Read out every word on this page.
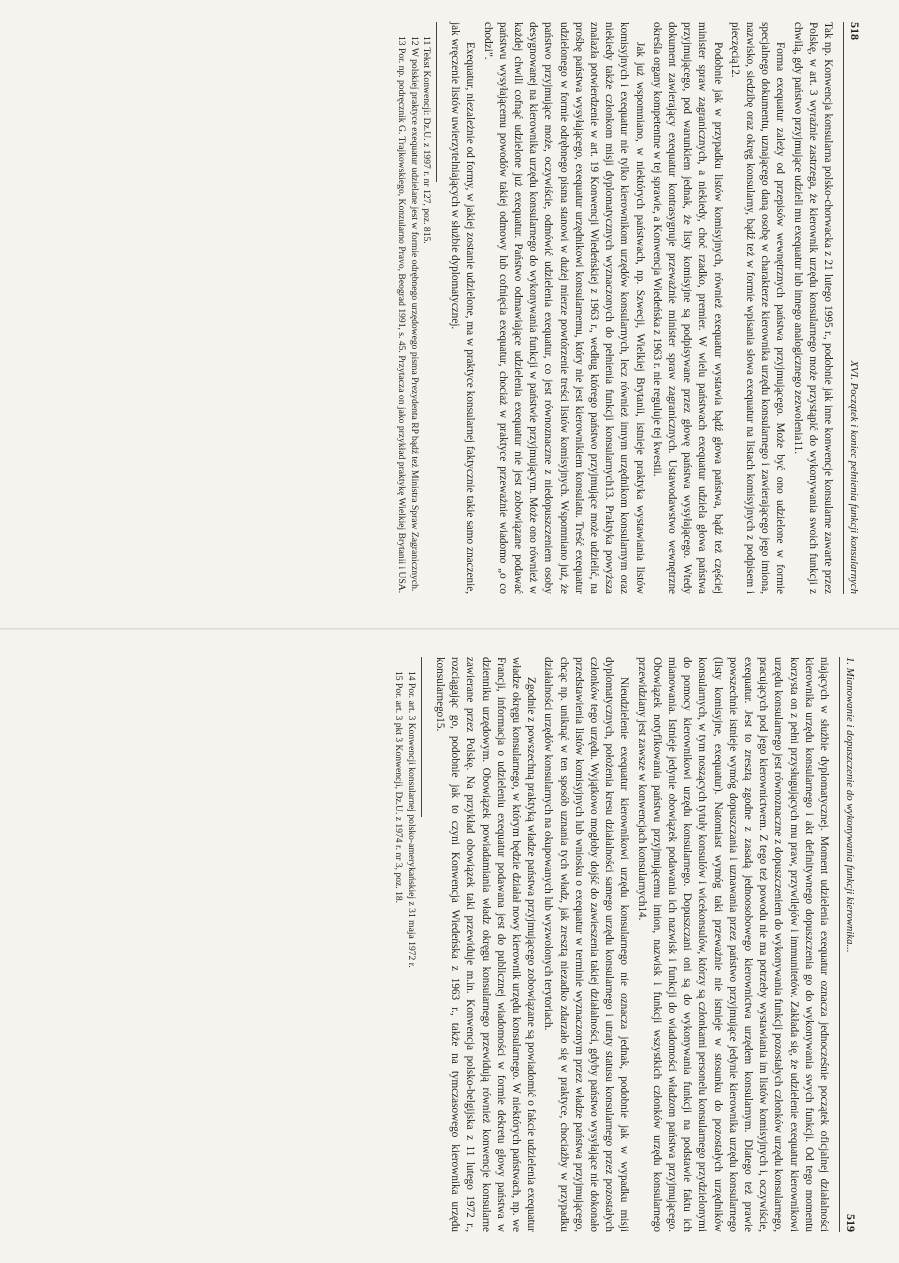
518
XVI. Początek i koniec pełnienia funkcji konsularnych

Tak np. Konwencja konsularna polsko-chorwacka z 21 lutego 1995 r., podobnie jak inne konwencje konsularne zawarte przez Polskę, w art. 3 wyraźnie zastrzega, że kierownik urzędu konsularnego może przystąpić do wykonywania swoich funkcji z chwilą, gdy państwo przyjmujące udzieli mu exequatur lub innego analogicznego zezwolenia11.

Forma exequatur zależy od przepisów wewnętrznych państwa przyjmującego. Może być ono udzielone w formie specjalnego dokumentu, uznającego daną osobę w charakterze kierownika urzędu konsularnego i zawierającego jego imiona, nazwisko, siedzibę oraz okręg konsularny, bądź też w formie wpisania słowa exequatur na listach komisyjnych z podpisem i pieczęcią12.

Podobnie jak w przypadku listów komisyjnych, również exequatur wystawia bądź głowa państwa, bądź też częściej minister spraw zagranicznych, a niekiedy, choć rzadko, premier. W wielu państwach exequatur udziela głowa państwa przyjmującego, pod warunkiem jednak, że listy komisyjne są podpisywane przez głowę państwa wysyłającego. Wtedy dokument zawierający exequatur kontrasygnuje przeważnie minister spraw zagranicznych. Ustawodawstwo wewnętrzne określa organy kompetentne w tej sprawie, a Konwencja Wiedeńska z 1963 r. nie reguluje tej kwestii.

Jak już wspomniano, w niektórych państwach, np. Szwecji, Wielkiej Brytanii, istnieje praktyka wystawiania listów komisyjnych i exequatur nie tylko kierownikom urzędów konsularnych, lecz również innym urzędnikom konsularnym oraz niekiedy także członkom misji dyplomatycznych wyznaczonych do pełnienia funkcji konsularnych13. Praktyka powyższa znalazła potwierdzenie w art. 19 Konwencji Wiedeńskiej z 1963 r., według którego państwo przyjmujące może udzielić, na prośbę państwa wysyłającego, exequatur urzędnikowi konsularnemu, który nie jest kierownikiem konsulatu. Treść exequatur udzielonego w formie odrębnego pisma stanowi w dużej mierze powtórzenie treści listów komisyjnych. Wspomniano już, że państwo przyjmujące może, oczywiście, odmówić udzielenia exequatur, co jest równoznaczne z niedopuszczeniem osoby desygnowanej na kierownika urzędu konsularnego do wykonywania funkcji w państwie przyjmującym. Może ono również w każdej chwili cofnąć udzielone już exequatur. Państwo odmawiające udzielenia exequatur nie jest zobowiązane podawać państwu wysyłającemu powodów takiej odmowy lub cofnięcia exequatur, chociaż w praktyce przeważnie wiadomo „o co chodzi”.

Exequatur, niezależnie od formy, w jakiej zostanie udzielone, ma w praktyce konsularnej faktycznie takie samo znaczenie, jak wręczenie listów uwierzytelniających w służbie dyplomatycznej.

11 Tekst Konwencji: Dz.U. z 1997 r. nr 127, poz. 815.

12 W polskiej praktyce exequatur udzielane jest w formie odrębnego urzędowego pisma Prezydenta RP bądź też Ministra Spraw Zagranicznych.

13 Por. np. podręcznik G. Trajkowskiego, Konzularno Pravo, Beograd 1991, s. 45. Przytacza on jako przykład praktykę Wielkiej Brytanii i USA.

1. Mianowanie i dopuszczenie do wykonywania funkcji kierownika...
519

niających w służbie dyplomatycznej. Moment udzielenia exequatur oznacza jednocześnie początek oficjalnej działalności kierownika urzędu konsularnego i akt definitywnego dopuszczenia go do wykonywania swych funkcji. Od tego momentu korzysta on z pełni przysługujących mu praw, przywilejów i immunitetów. Zakłada się, że udzielenie exequatur kierownikowi urzędu konsularnego jest równoznaczne z dopuszczeniem do wykonywania funkcji pozostałych członków urzędu konsularnego, pracujących pod jego kierownictwem. Z tego też powodu nie ma potrzeby wystawiania im listów komisyjnych i, oczywiście, exequatur. Jest to zresztą zgodne z zasadą jednoosobowego kierownictwa urzędem konsularnym. Dlatego też prawie powszechnie istnieje wymóg dopuszczania i uznawania przez państwo przyjmujące jedynie kierownika urzędu konsularnego (listy komisyjne, exequatur). Natomiast wymóg taki przeważnie nie istnieje w stosunku do pozostałych urzędników konsularnych, w tym noszących tytuły konsulów i wicekonsulów, którzy są członkami personelu konsularnego przydzielonymi do pomocy kierownikowi urzędu konsularnego. Dopuszczani oni są do wykonywania funkcji na podstawie faktu ich mianowania. Istnieje jedynie obowiązek podawania ich nazwisk i funkcji do wiadomości władzom państwa przyjmującego. Obowiązek notyfikowania państwu przyjmującemu imion, nazwisk i funkcji wszystkich członków urzędu konsularnego przewidziany jest zawsze w konwencjach konsularnych14.

Nieudzielenie exequatur kierownikowi urzędu konsularnego nie oznacza jednak, podobnie jak w wypadku misji dyplomatycznych, położenia kresu działalności samego urzędu konsularnego i utraty statusu konsularnego przez pozostałych członków tego urzędu. Wyjątkowo mogłoby dojść do zawieszenia takiej działalności, gdyby państwo wysyłające nie dokonało przedstawienia listów komisyjnych lub wniosku o exequatur w terminie wyznaczonym przez władze państwa przyjmującego, chcąc np. uniknąć w ten sposób uznania tych władz, jak zresztą niezadko zdarzało się w praktyce, chociażby w przypadku działalności urzędów konsularnych na okupowanych lub wyzwolonych terytoriach.

Zgodnie z powszechną praktyką władze państwa przyjmującego zobowiązane są powiadomić o fakcie udzielenia exequatur władze okręgu konsularnego, w którym będzie działał nowy kierownik urzędu konsularnego. W niektórych państwach, np. we Francji, informacja o udzieleniu exequatur podawana jest do publicznej wiadomości w formie dekretu głowy państwa w dzienniku urzędowym. Obowiązek powiadamiania władz okręgu konsularnego przewidują również konwencje konsularne zawierane przez Polskę. Na przykład obowiązek taki przewiduje m.in. Konwencja polsko-belgijska z 11 lutego 1972 r., rozciągając go, podobnie jak to czyni Konwencja Wiedeńska z 1963 r., także na tymczasowego kierownika urzędu konsularnego15.

14 Por. art. 3 Konwencji konsularnej polsko-amerykańskiej z 31 maja 1972 r.

15 Por. art. 3 pkt 3 Konwencji, Dz.U. z 1974 r. nr 3, poz. 18.
